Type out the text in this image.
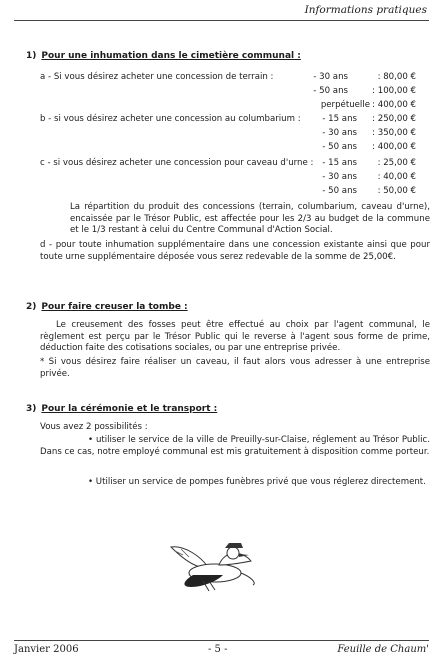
Informations pratiques
1) Pour une inhumation dans le cimetière communal :
a - Si vous désirez acheter une concession de terrain :	- 30 ans	: 80,00 €
- 50 ans	: 100,00 €
perpétuelle : 400,00 €
b - si vous désirez acheter une concession au columbarium :	- 15 ans : 250,00 €
- 30 ans : 350,00 €
- 50 ans : 400,00 €
c - si vous désirez acheter une concession pour caveau d'urne : - 15 ans : 25,00 €
- 30 ans : 40,00 €
- 50 ans : 50,00 €
La répartition du produit des concessions (terrain, columbarium, caveau d'urne), encaissée par le Trésor Public, est affectée pour les 2/3 au budget de la commune et le 1/3 restant à celui du Centre Communal d'Action Social.
d - pour toute inhumation supplémentaire dans une concession existante ainsi que pour toute urne supplémentaire déposée vous serez redevable de la somme de 25,00€.
2) Pour faire creuser la tombe :
Le creusement des fosses peut être effectué au choix par l'agent communal, le règlement est perçu par le Trésor Public qui le reverse à l'agent sous forme de prime, déduction faite des cotisations sociales, ou par une entreprise privée.
* Si vous désirez faire réaliser un caveau, il faut alors vous adresser à une entreprise privée.
3) Pour la cérémonie et le transport :
Vous avez 2 possibilités :
• utiliser le service de la ville de Preuilly-sur-Claise, réglement au Trésor Public. Dans ce cas, notre employé communal est mis gratuitement à disposition comme porteur.
• Utiliser un service de pompes funèbres privé que vous réglerez directement.
Janvier 2006	- 5 -	Feuille de Chaum'
